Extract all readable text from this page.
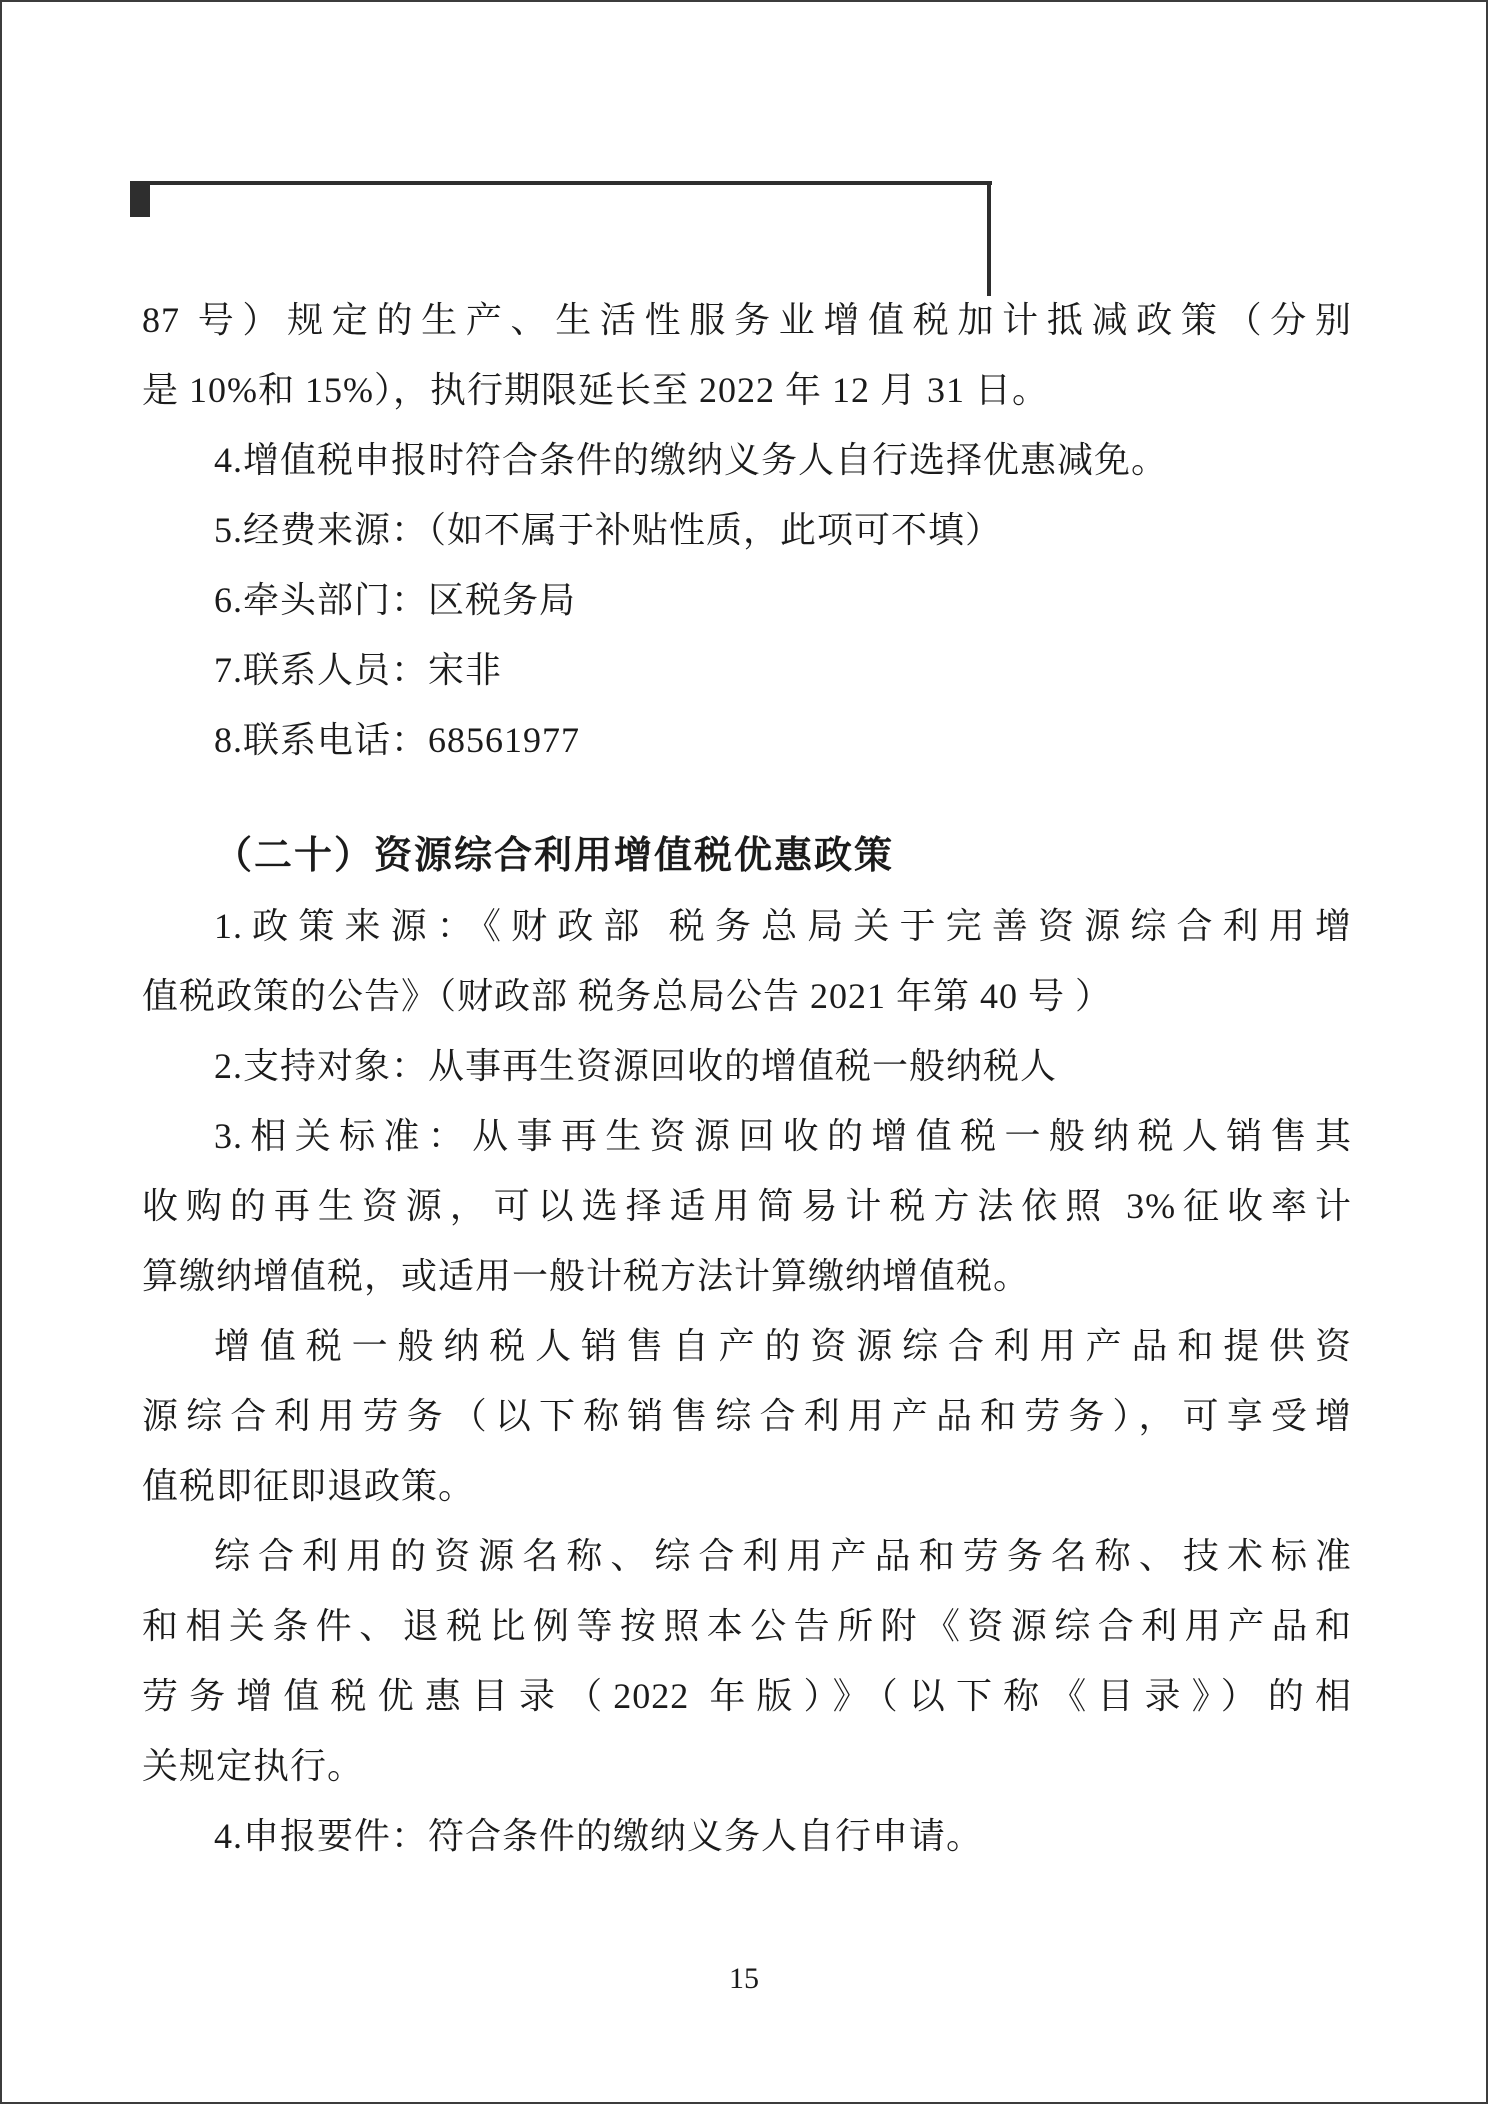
87 号）规定的生产、生活性服务业增值税加计抵减政策（分别
是 10%和 15%），执行期限延长至 2022 年 12 月 31 日。

4.增值税申报时符合条件的缴纳义务人自行选择优惠减免。

5.经费来源：（如不属于补贴性质，此项可不填）

6.牵头部门：区税务局

7.联系人员：宋非

8.联系电话：68561977

（二十）资源综合利用增值税优惠政策

1.政策来源：《财政部 税务总局关于完善资源综合利用增
值税政策的公告》（财政部 税务总局公告 2021 年第 40 号 ）

2.支持对象：从事再生资源回收的增值税一般纳税人

3.相关标准：从事再生资源回收的增值税一般纳税人销售其
收购的再生资源，可以选择适用简易计税方法依照 3%征收率计
算缴纳增值税，或适用一般计税方法计算缴纳增值税。

增值税一般纳税人销售自产的资源综合利用产品和提供资
源综合利用劳务（以下称销售综合利用产品和劳务），可享受增
值税即征即退政策。

综合利用的资源名称、综合利用产品和劳务名称、技术标准
和相关条件、退税比例等按照本公告所附《资源综合利用产品和
劳务增值税优惠目录（2022 年版）》（以下称《目录》）的相
关规定执行。

4.申报要件：符合条件的缴纳义务人自行申请。

15
